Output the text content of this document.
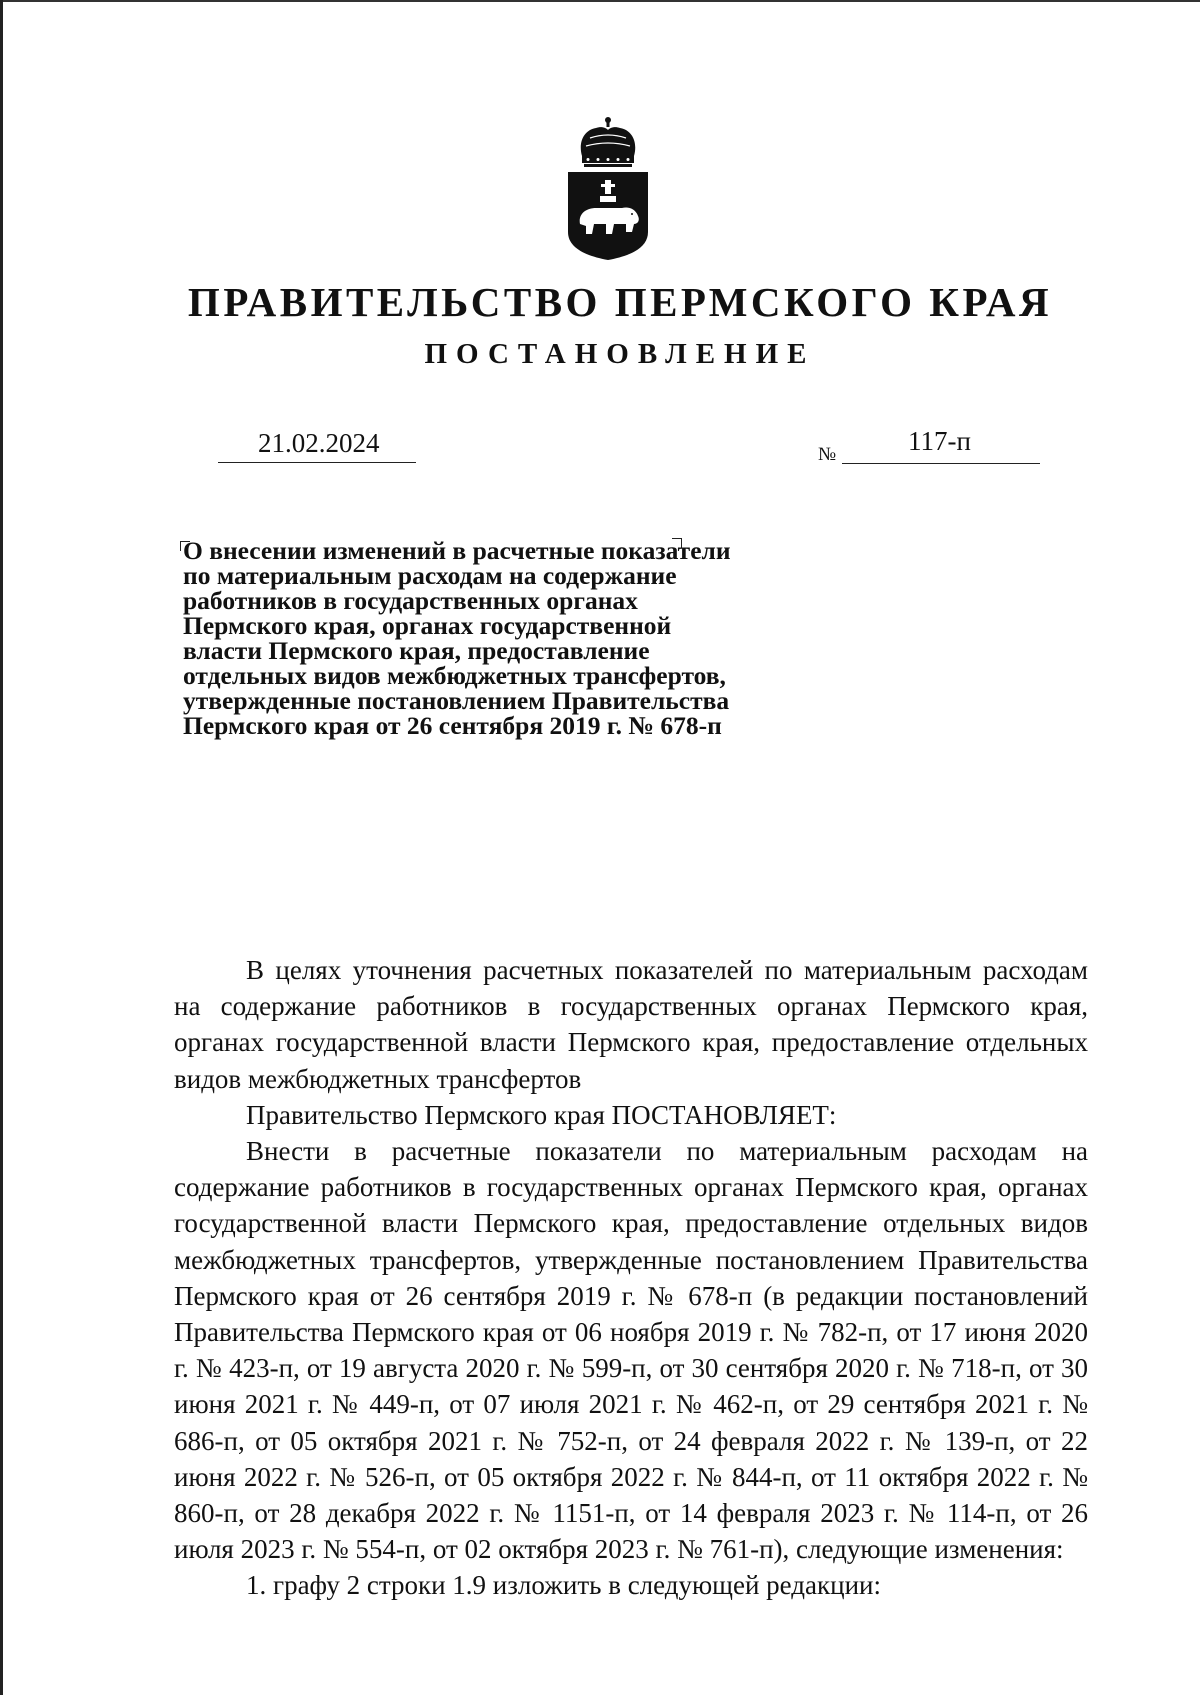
ПРАВИТЕЛЬСТВО ПЕРМСКОГО КРАЯ
ПОСТАНОВЛЕНИЕ
21.02.2024	№	117-п
О внесении изменений в расчетные показатели
по материальным расходам на содержание
работников в государственных органах
Пермского края, органах государственной
власти Пермского края, предоставление
отдельных видов межбюджетных трансфертов,
утвержденные постановлением Правительства
Пермского края от 26 сентября 2019 г. № 678-п

В целях уточнения расчетных показателей по материальным расходам на содержание работников в государственных органах Пермского края, органах государственной власти Пермского края, предоставление отдельных видов межбюджетных трансфертов

Правительство Пермского края ПОСТАНОВЛЯЕТ:

Внести в расчетные показатели по материальным расходам на содержание работников в государственных органах Пермского края, органах государственной власти Пермского края, предоставление отдельных видов межбюджетных трансфертов, утвержденные постановлением Правительства Пермского края от 26 сентября 2019 г. № 678-п (в редакции постановлений Правительства Пермского края от 06 ноября 2019 г. № 782-п, от 17 июня 2020 г. № 423-п, от 19 августа 2020 г. № 599-п, от 30 сентября 2020 г. № 718-п, от 30 июня 2021 г. № 449-п, от 07 июля 2021 г. № 462-п, от 29 сентября 2021 г. № 686-п, от 05 октября 2021 г. № 752-п, от 24 февраля 2022 г. № 139-п, от 22 июня 2022 г. № 526-п, от 05 октября 2022 г. № 844-п, от 11 октября 2022 г. № 860-п, от 28 декабря 2022 г. № 1151-п, от 14 февраля 2023 г. № 114-п, от 26 июля 2023 г. № 554-п, от 02 октября 2023 г. № 761-п), следующие изменения:

1. графу 2 строки 1.9 изложить в следующей редакции:
